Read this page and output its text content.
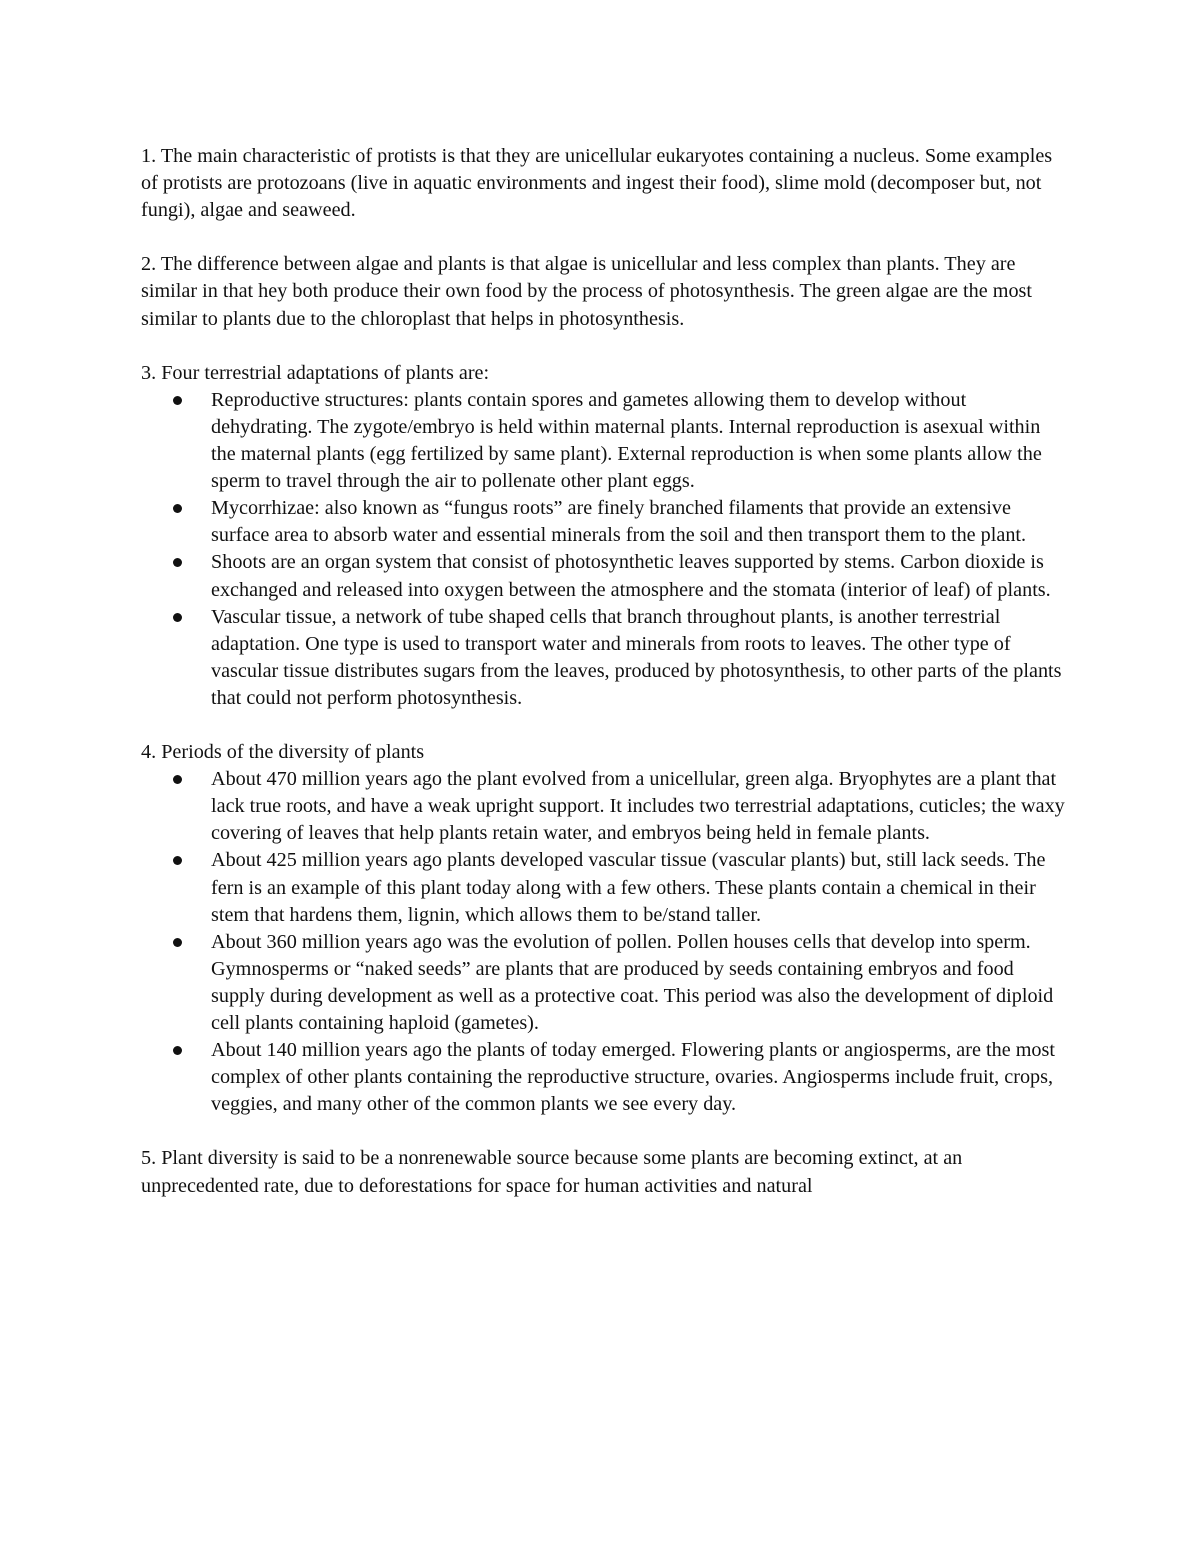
1. The main characteristic of protists is that they are unicellular eukaryotes containing a nucleus. Some examples of protists are protozoans (live in aquatic environments and ingest their food), slime mold (decomposer but, not fungi), algae and seaweed.

2. The difference between algae and plants is that algae is unicellular and less complex than plants. They are similar in that hey both produce their own food by the process of photosynthesis. The green algae are the most similar to plants due to the chloroplast that helps in photosynthesis.

3. Four terrestrial adaptations of plants are:

Reproductive structures: plants contain spores and gametes allowing them to develop without dehydrating. The zygote/embryo is held within maternal plants. Internal reproduction is asexual within the maternal plants (egg fertilized by same plant). External reproduction is when some plants allow the sperm to travel through the air to pollenate other plant eggs.
Mycorrhizae: also known as “fungus roots” are finely branched filaments that provide an extensive surface area to absorb water and essential minerals from the soil and then transport them to the plant.
Shoots are an organ system that consist of photosynthetic leaves supported by stems. Carbon dioxide is exchanged and released into oxygen between the atmosphere and the stomata (interior of leaf) of plants.
Vascular tissue, a network of tube shaped cells that branch throughout plants, is another terrestrial adaptation. One type is used to transport water and minerals from roots to leaves. The other type of vascular tissue distributes sugars from the leaves, produced by photosynthesis, to other parts of the plants that could not perform photosynthesis.

4. Periods of the diversity of plants

About 470 million years ago the plant evolved from a unicellular, green alga. Bryophytes are a plant that lack true roots, and have a weak upright support. It includes two terrestrial adaptations, cuticles; the waxy covering of leaves that help plants retain water, and embryos being held in female plants.
About 425 million years ago plants developed vascular tissue (vascular plants) but, still lack seeds. The fern is an example of this plant today along with a few others. These plants contain a chemical in their stem that hardens them, lignin, which allows them to be/stand taller.
About 360 million years ago was the evolution of pollen. Pollen houses cells that develop into sperm. Gymnosperms or “naked seeds” are plants that are produced by seeds containing embryos and food supply during development as well as a protective coat. This period was also the development of diploid cell plants containing haploid (gametes).
About 140 million years ago the plants of today emerged. Flowering plants or angiosperms, are the most complex of other plants containing the reproductive structure, ovaries. Angiosperms include fruit, crops, veggies, and many other of the common plants we see every day.

5. Plant diversity is said to be a nonrenewable source because some plants are becoming extinct, at an unprecedented rate, due to deforestations for space for human activities and natural
